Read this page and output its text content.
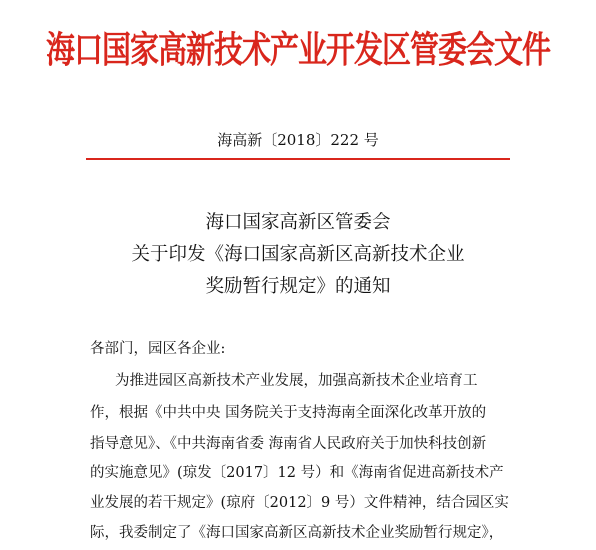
海口国家高新技术产业开发区管委会文件
海高新〔2018〕222 号
海口国家高新区管委会
关于印发《海口国家高新区高新技术企业
奖励暂行规定》的通知
各部门，园区各企业:
为推进园区高新技术产业发展，加强高新技术企业培育工
作，根据《中共中央 国务院关于支持海南全面深化改革开放的
指导意见》、《中共海南省委 海南省人民政府关于加快科技创新
的实施意见》(琼发〔2017〕12 号）和《海南省促进高新技术产
业发展的若干规定》(琼府〔2012〕9 号）文件精神，结合园区实
际，我委制定了《海口国家高新区高新技术企业奖励暂行规定》，
